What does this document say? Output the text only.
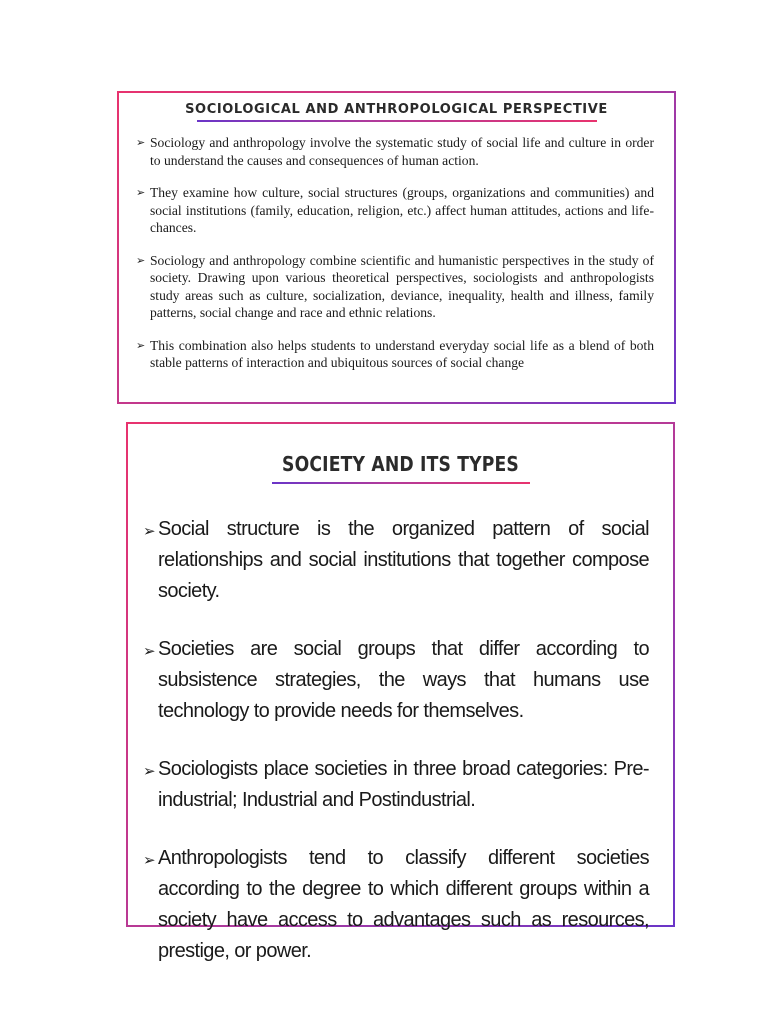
SOCIOLOGICAL AND ANTHROPOLOGICAL PERSPECTIVE
➢ Sociology and anthropology involve the systematic study of social life and culture in order to understand the causes and consequences of human action.
➢ They examine how culture, social structures (groups, organizations and communities) and social institutions (family, education, religion, etc.) affect human attitudes, actions and life-chances.
➢ Sociology and anthropology combine scientific and humanistic perspectives in the study of society. Drawing upon various theoretical perspectives, sociologists and anthropologists study areas such as culture, socialization, deviance, inequality, health and illness, family patterns, social change and race and ethnic relations.
➢ This combination also helps students to understand everyday social life as a blend of both stable patterns of interaction and ubiquitous sources of social change
SOCIETY AND ITS TYPES
➢ Social structure is the organized pattern of social relationships and social institutions that together compose society.
➢ Societies are social groups that differ according to subsistence strategies, the ways that humans use technology to provide needs for themselves.
➢ Sociologists place societies in three broad categories: Pre-industrial; Industrial and Postindustrial.
➢ Anthropologists tend to classify different societies according to the degree to which different groups within a society have access to advantages such as resources, prestige, or power.
